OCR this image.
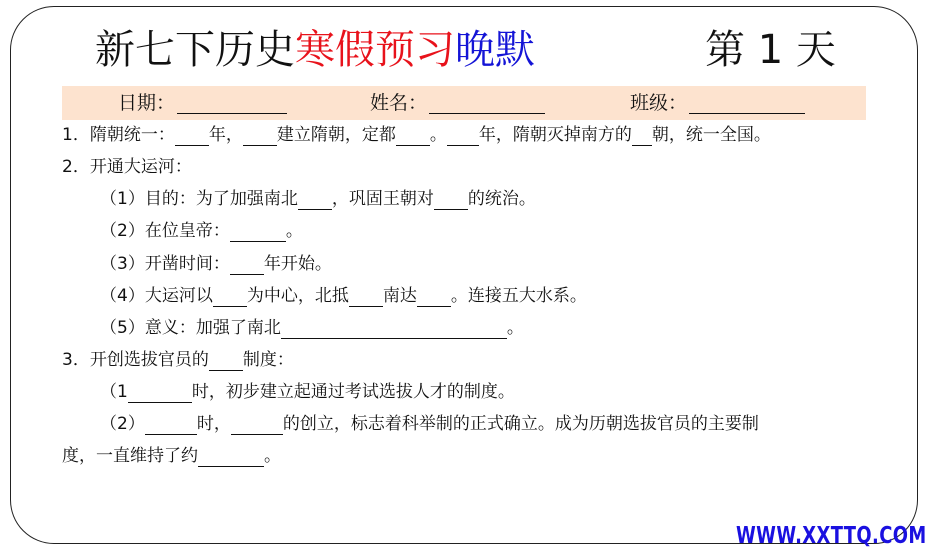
新七下历史寒假预习晚默	第 1 天
日期：	姓名：	班级：
1．隋朝统一： 年， 建立隋朝，定都 。 年，隋朝灭掉南方的 朝，统一全国。
2．开通大运河：
（1）目的：为了加强南北 ，巩固王朝对 的统治。
（2）在位皇帝：	。
（3）开凿时间： 年开始。
（4）大运河以 为中心，北抵 南达 。连接五大水系。
（5）意义：加强了南北	。
3．开创选拔官员的 制度：
（1	时，初步建立起通过考试选拔人才的制度。
（2）	时，	的创立，标志着科举制的正式确立。成为历朝选拔官员的主要制
度，一直维持了约	。
WWW.XXTTQ.COM
